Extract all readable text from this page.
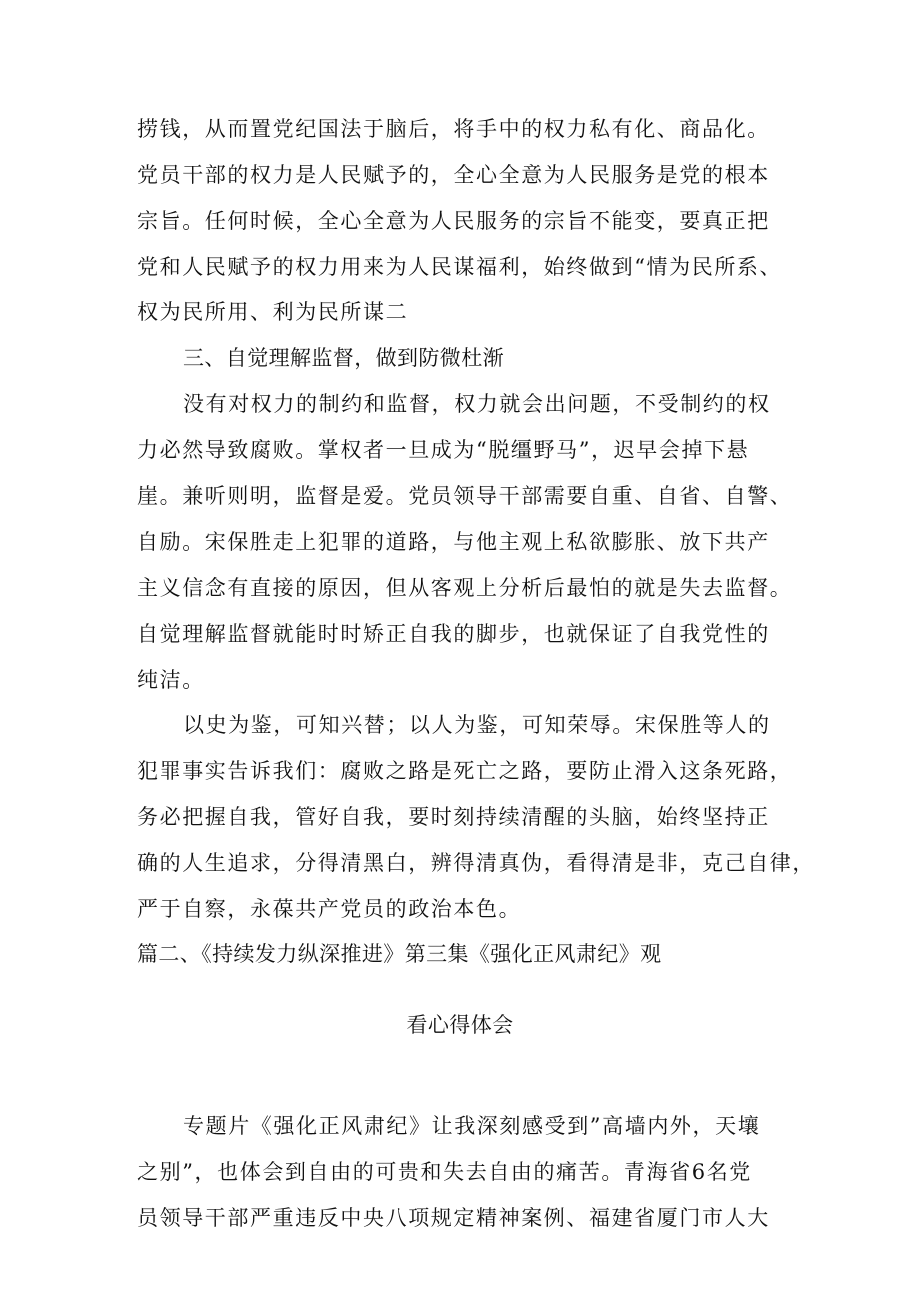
捞钱，从而置党纪国法于脑后，将手中的权力私有化、商品化。
党员干部的权力是人民赋予的，全心全意为人民服务是党的根本
宗旨。任何时候，全心全意为人民服务的宗旨不能变，要真正把
党和人民赋予的权力用来为人民谋福利，始终做到“情为民所系、
权为民所用、利为民所谋二
三、自觉理解监督，做到防微杜渐
没有对权力的制约和监督，权力就会出问题，不受制约的权
力必然导致腐败。掌权者一旦成为“脱缰野马”，迟早会掉下悬
崖。兼听则明，监督是爱。党员领导干部需要自重、自省、自警、
自励。宋保胜走上犯罪的道路，与他主观上私欲膨胀、放下共产
主义信念有直接的原因，但从客观上分析后最怕的就是失去监督。
自觉理解监督就能时时矫正自我的脚步，也就保证了自我党性的
纯洁。
以史为鉴，可知兴替；以人为鉴，可知荣辱。宋保胜等人的
犯罪事实告诉我们：腐败之路是死亡之路，要防止滑入这条死路，
务必把握自我，管好自我，要时刻持续清醒的头脑，始终坚持正
确的人生追求，分得清黑白，辨得清真伪，看得清是非，克己自律，
严于自察，永葆共产党员的政治本色。
篇二、《持续发力纵深推进》第三集《强化正风肃纪》观
看心得体会
专题片《强化正风肃纪》让我深刻感受到”高墙内外，天壤
之别”，也体会到自由的可贵和失去自由的痛苦。青海省6名党
员领导干部严重违反中央八项规定精神案例、福建省厦门市人大
